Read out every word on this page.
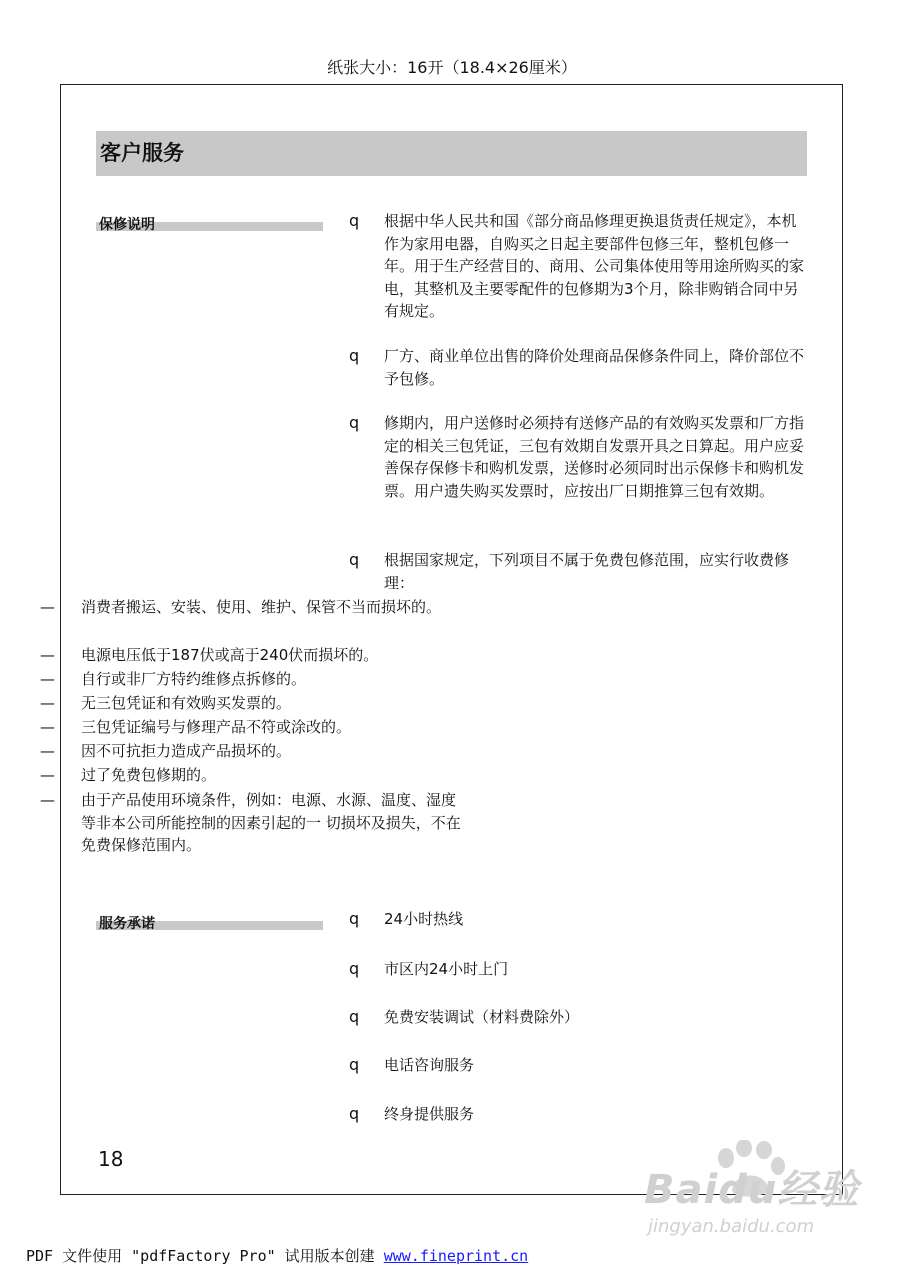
纸张大小：16开（18.4×26厘米）
客户服务
保修说明	q	根据中华人民共和国《部分商品修理更换退货责任规定》，本机作为家用电器，自购买之日起主要部件包修三年，整机包修一年。用于生产经营目的、商用、公司集体使用等用途所购买的家电，其整机及主要零配件的包修期为3个月，除非购销合同中另有规定。
q	厂方、商业单位出售的降价处理商品保修条件同上，降价部位不予包修。
q	修期内，用户送修时必须持有送修产品的有效购买发票和厂方指定的相关三包凭证，三包有效期自发票开具之日算起。用户应妥善保存保修卡和购机发票，送修时必须同时出示保修卡和购机发票。用户遗失购买发票时，应按出厂日期推算三包有效期。
q	根据国家规定，下列项目不属于免费包修范围，应实行收费修理：
—	消费者搬运、安装、使用、维护、保管不当而损坏的。
—	电源电压低于187伏或高于240伏而损坏的。
—	自行或非厂方特约维修点拆修的。
—	无三包凭证和有效购买发票的。
—	三包凭证编号与修理产品不符或涂改的。
—	因不可抗拒力造成产品损坏的。
—	过了免费包修期的。
—	由于产品使用环境条件，例如：电源、水源、温度、湿度等非本公司所能控制的因素引起的一 切损坏及损失，不在免费保修范围内。
服务承诺	q	24小时热线
q	市区内24小时上门
q	免费安装调试（材料费除外）
q	电话咨询服务
q	终身提供服务
18
Baidu经验
jingyan.baidu.com
PDF 文件使用 "pdfFactory Pro" 试用版本创建 www.fineprint.cn
